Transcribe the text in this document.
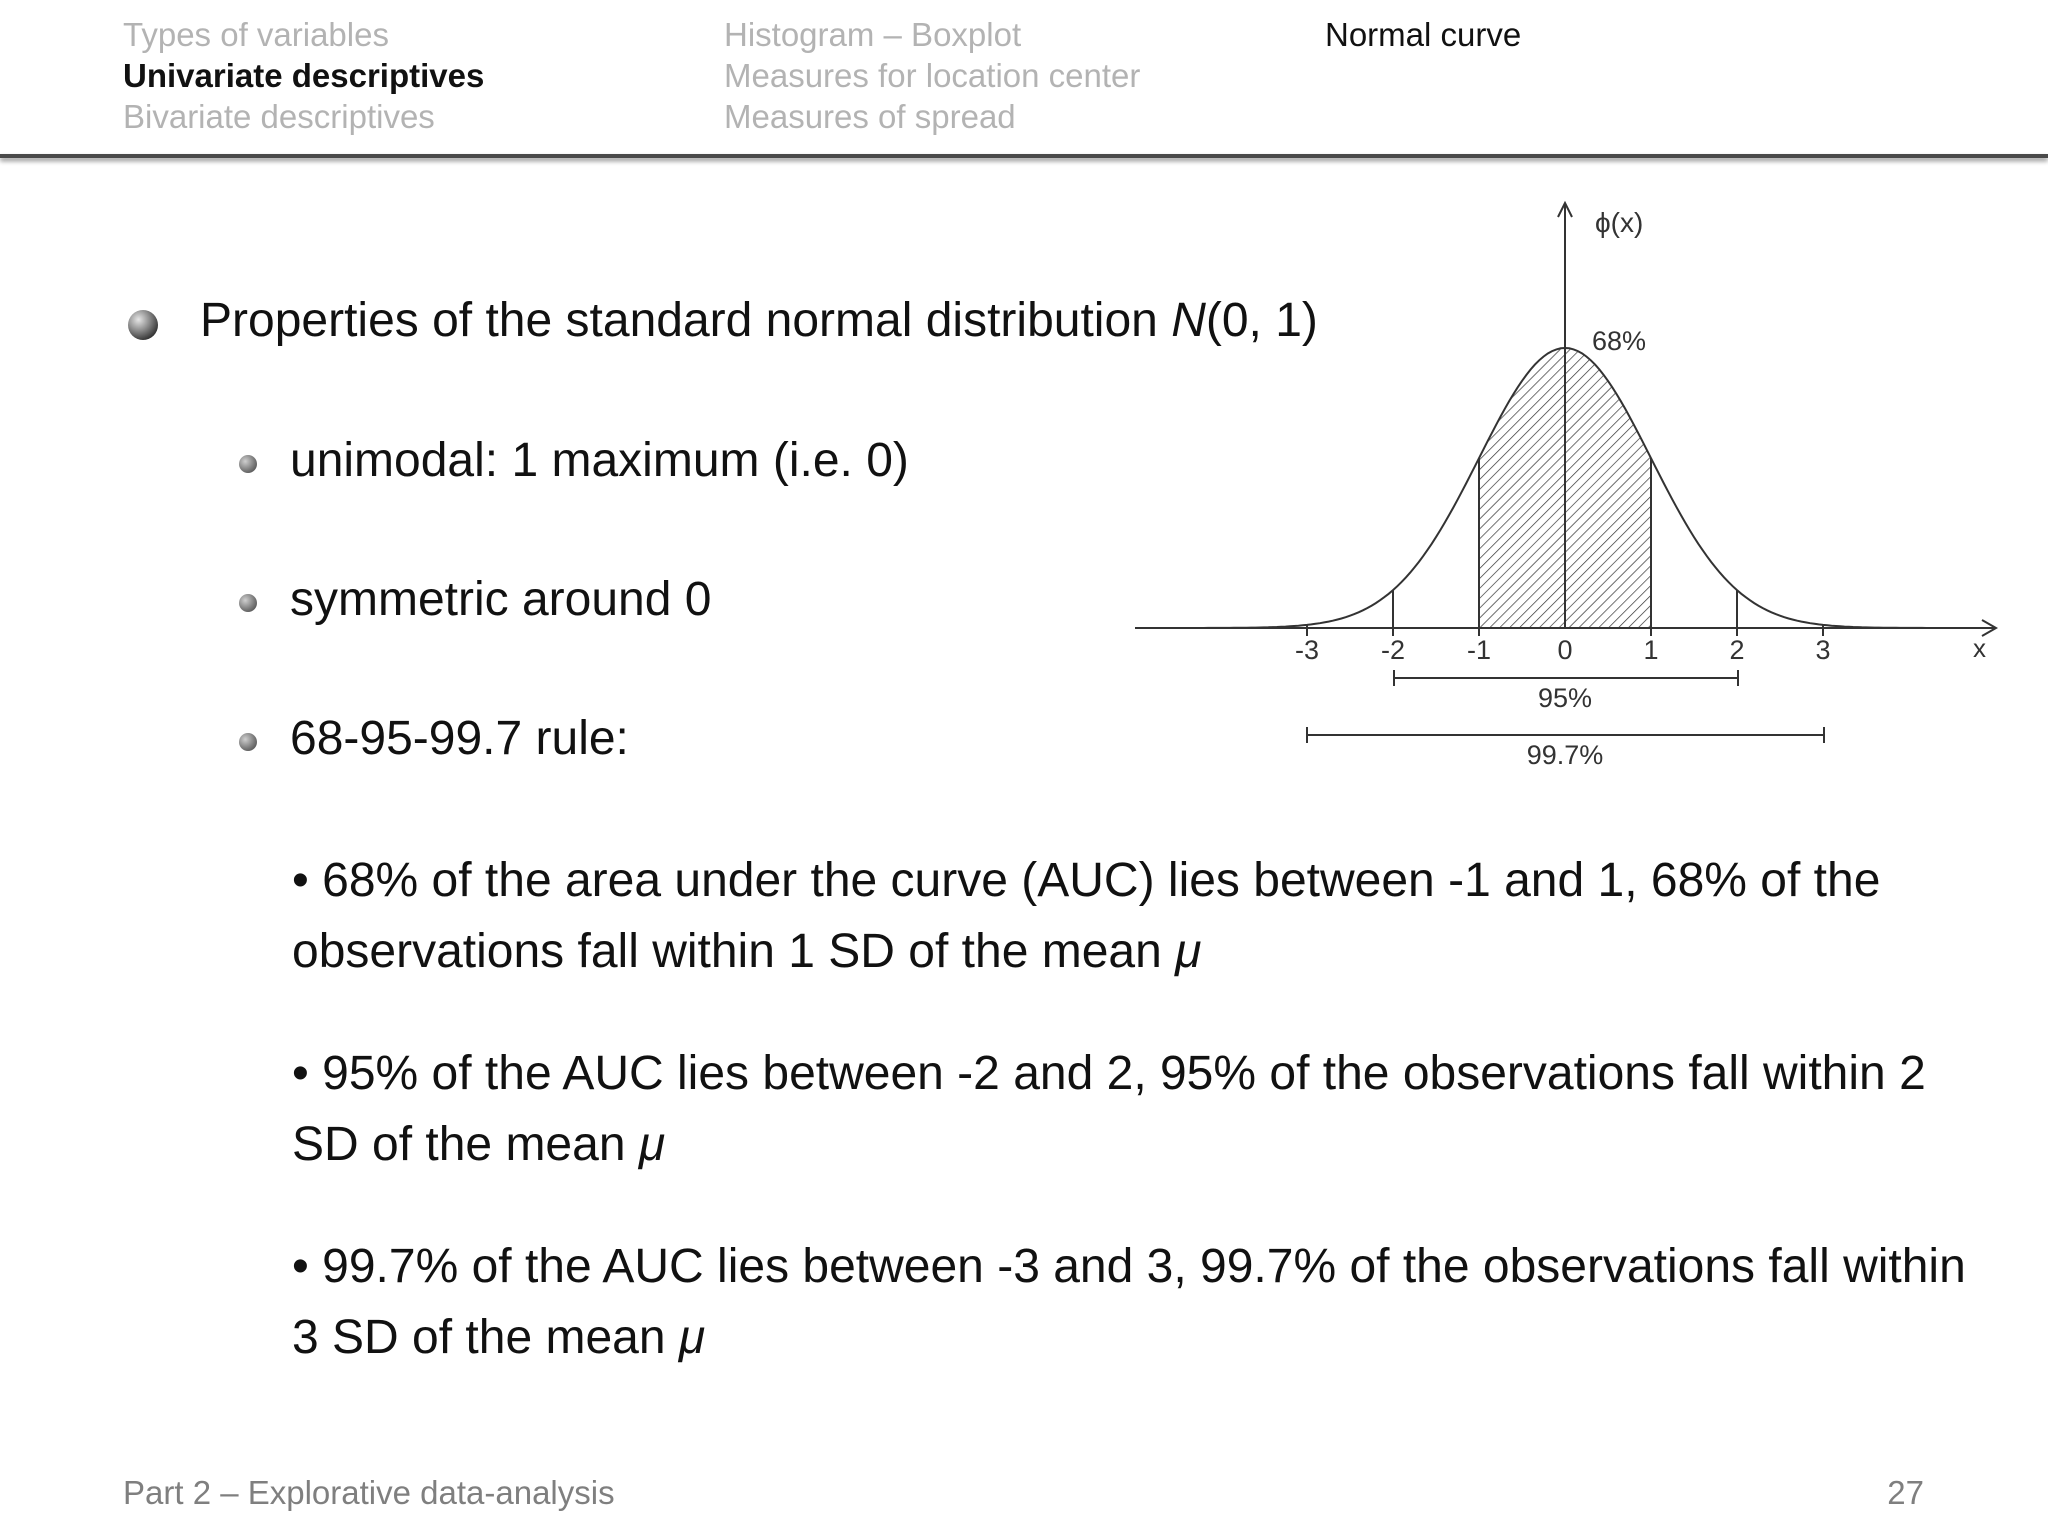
Types of variables
Univariate descriptives
Bivariate descriptives
Histogram – Boxplot
Measures for location center
Measures of spread
Normal curve
Properties of the standard normal distribution N(0, 1)
unimodal: 1 maximum (i.e. 0)
symmetric around 0
68-95-99.7 rule:
• 68% of the area under the curve (AUC) lies between -1 and 1, 68% of the observations fall within 1 SD of the mean μ
• 95% of the AUC lies between -2 and 2, 95% of the observations fall within 2 SD of the mean μ
• 99.7% of the AUC lies between -3 and 3, 99.7% of the observations fall within 3 SD of the mean μ
ϕ(x)
x
-3 -2 -1 0	1	2	3
68%
95%
99.7%
Part 2 – Explorative data-analysis	27
